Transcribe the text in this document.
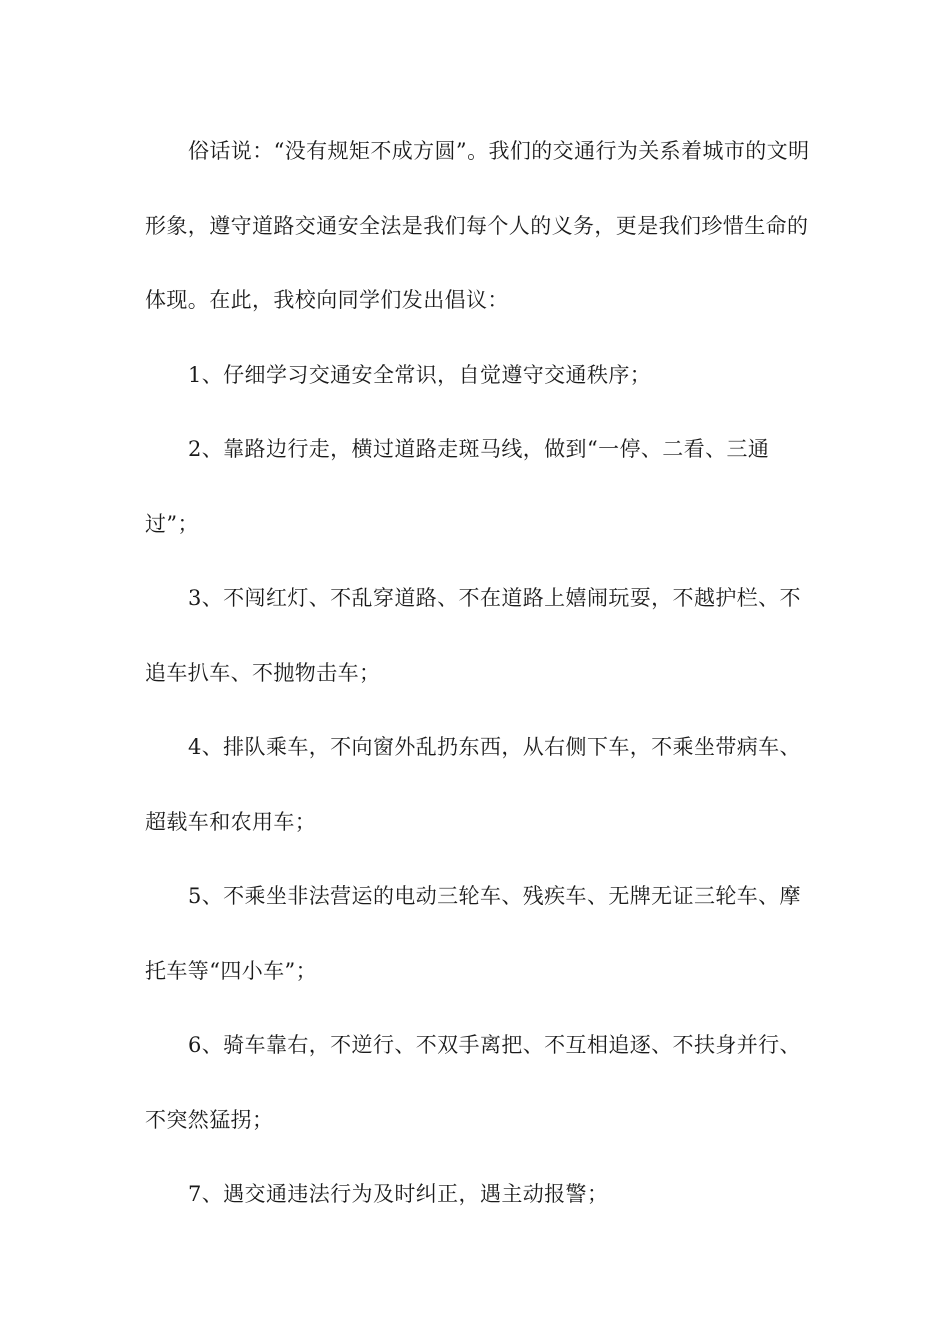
俗话说：“没有规矩不成方圆”。我们的交通行为关系着城市的文明形象，遵守道路交通安全法是我们每个人的义务，更是我们珍惜生命的体现。在此，我校向同学们发出倡议：

1、仔细学习交通安全常识，自觉遵守交通秩序；

2、靠路边行走，横过道路走斑马线，做到“一停、二看、三通过”；

3、不闯红灯、不乱穿道路、不在道路上嬉闹玩耍，不越护栏、不追车扒车、不抛物击车；

4、排队乘车，不向窗外乱扔东西，从右侧下车，不乘坐带病车、超载车和农用车；

5、不乘坐非法营运的电动三轮车、残疾车、无牌无证三轮车、摩托车等“四小车”；

6、骑车靠右，不逆行、不双手离把、不互相追逐、不扶身并行、不突然猛拐；

7、遇交通违法行为及时纠正，遇主动报警；
